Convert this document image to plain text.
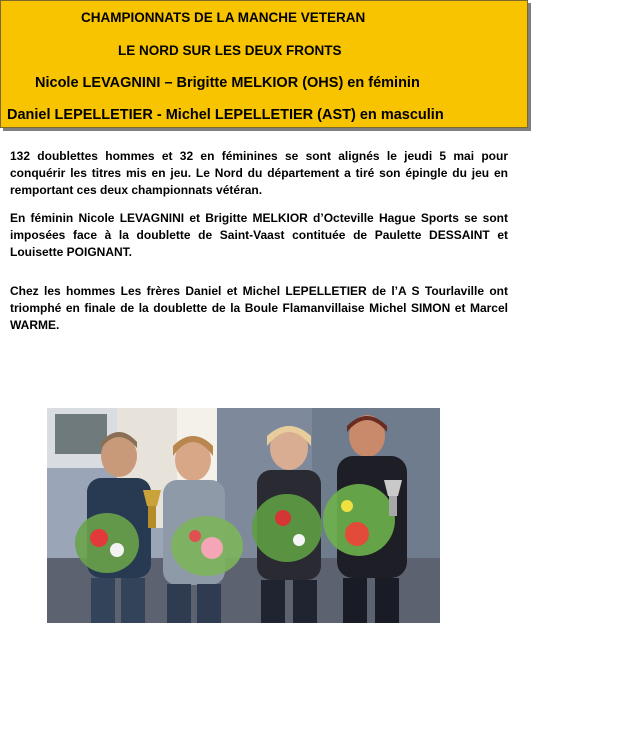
CHAMPIONNATS DE LA MANCHE VETERAN
LE NORD SUR LES DEUX FRONTS
Nicole LEVAGNINI – Brigitte MELKIOR (OHS) en féminin
Daniel LEPELLETIER - Michel LEPELLETIER (AST) en masculin
132 doublettes hommes et 32 en féminines se sont alignés le jeudi 5 mai pour conquérir les titres mis en jeu. Le Nord du département a tiré son épingle du jeu en remportant ces deux championnats vétéran.
En féminin Nicole LEVAGNINI et Brigitte MELKIOR d’Octeville Hague Sports se sont imposées face à la doublette de Saint-Vaast contituée de Paulette DESSAINT et Louisette POIGNANT.
Chez les hommes Les frères Daniel et Michel LEPELLETIER de l’A S Tourlaville ont triomphé en finale de la doublette de la Boule Flamanvillaise Michel SIMON et Marcel WARME.
